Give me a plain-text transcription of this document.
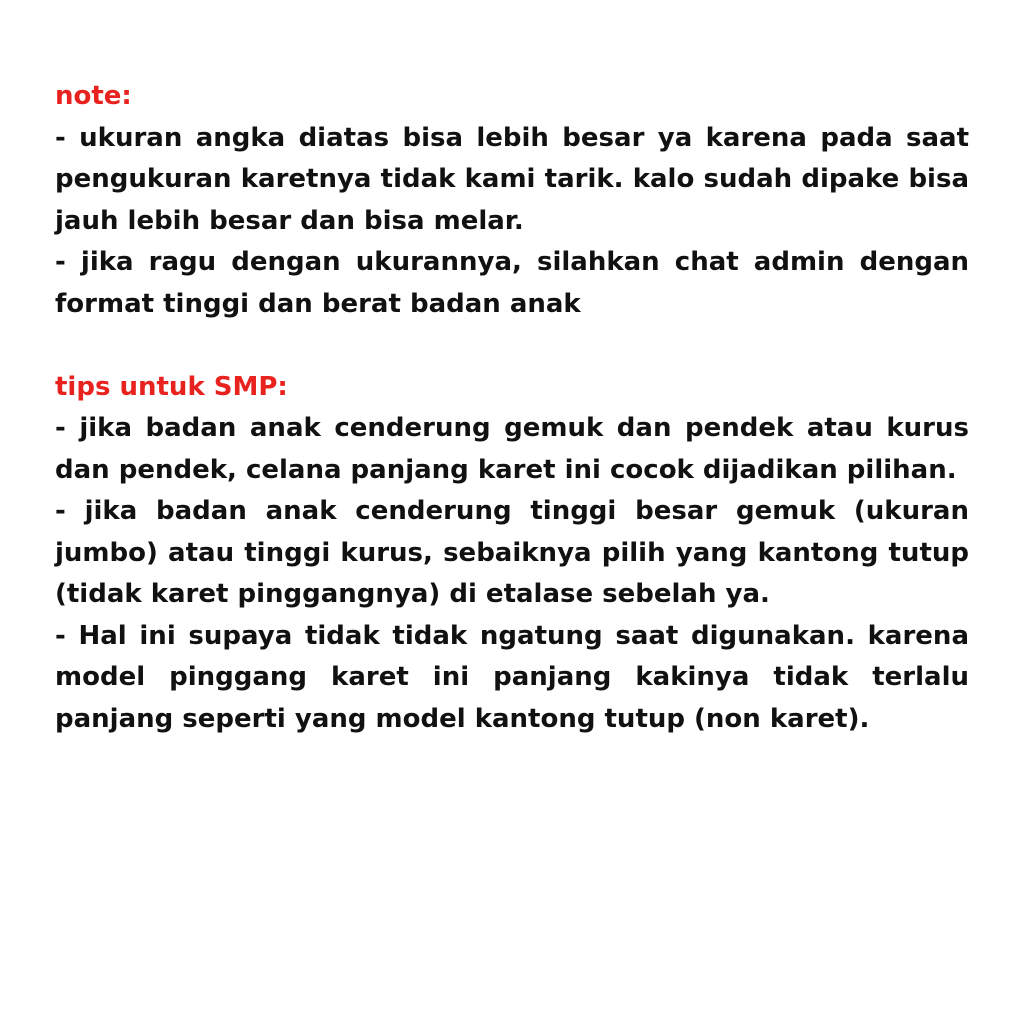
note:

- ukuran angka diatas bisa lebih besar ya karena pada saat pengukuran karetnya tidak kami tarik. kalo sudah dipake bisa jauh lebih besar dan bisa melar.

- jika ragu dengan ukurannya, silahkan chat admin dengan format tinggi dan berat badan anak

tips untuk SMP:

- jika badan anak cenderung gemuk dan pendek atau kurus dan pendek, celana panjang karet ini cocok dijadikan pilihan.

- jika badan anak cenderung tinggi besar gemuk (ukuran jumbo) atau tinggi kurus, sebaiknya pilih yang kantong tutup (tidak karet pinggangnya) di etalase sebelah ya.

- Hal ini supaya tidak tidak ngatung saat digunakan. karena model pinggang karet ini panjang kakinya tidak terlalu panjang seperti yang model kantong tutup (non karet).
